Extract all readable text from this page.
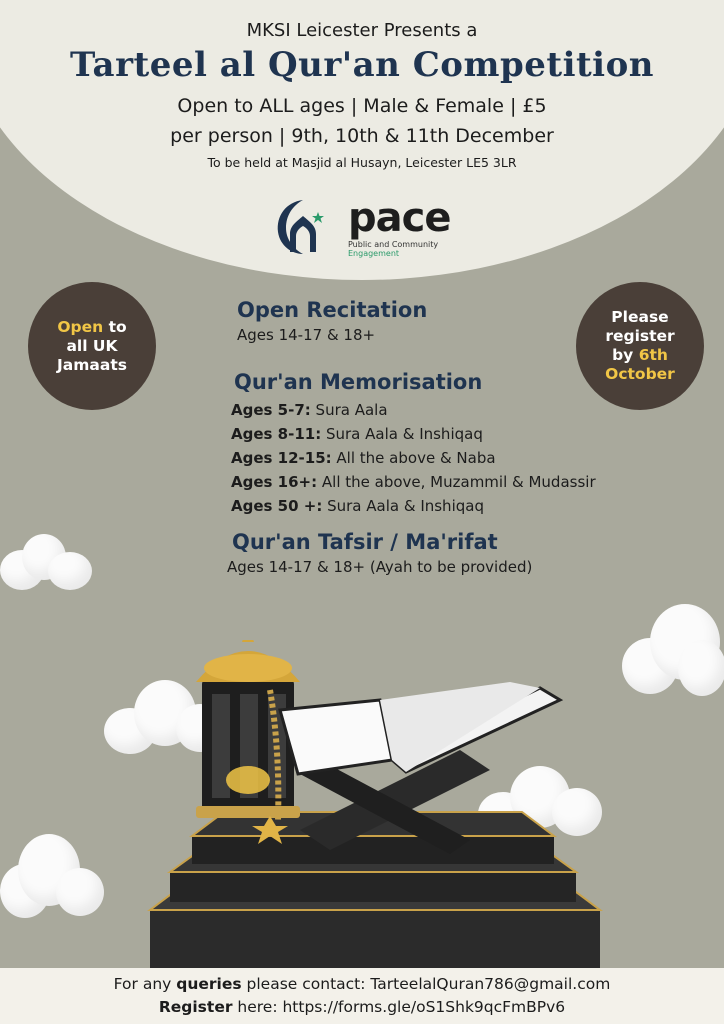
MKSI Leicester Presents a
Tarteel al Qur'an Competition
Open to ALL ages | Male & Female | £5
per person | 9th, 10th & 11th December
To be held at Masjid al Husayn, Leicester LE5 3LR
pace
Public and Community
Engagement
Open to
all UK
Jamaats
Please
register
by 6th
October
Open Recitation
Ages 14-17 & 18+
Qur'an Memorisation
Ages 5-7: Sura Aala
Ages 8-11: Sura Aala & Inshiqaq
Ages 12-15: All the above & Naba
Ages 16+: All the above, Muzammil & Mudassir
Ages 50 +: Sura Aala & Inshiqaq
Qur'an Tafsir / Ma'rifat
Ages 14-17 & 18+ (Ayah to be provided)
For any queries please contact: TarteelalQuran786@gmail.com
Register here: https://forms.gle/oS1Shk9qcFmBPv6
